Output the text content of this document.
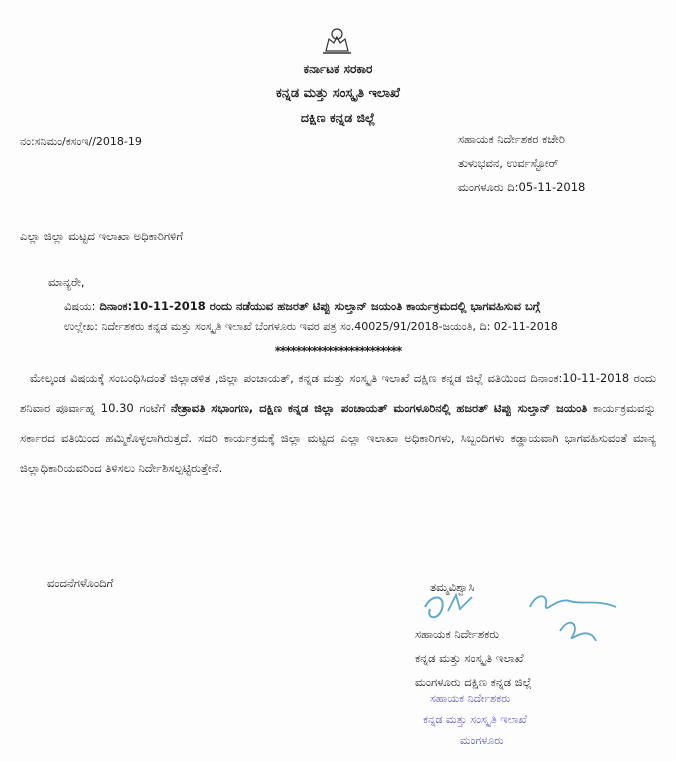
ಕರ್ನಾಟಕ ಸರಕಾರ
ಕನ್ನಡ ಮತ್ತು ಸಂಸ್ಕೃತಿ ಇಲಾಖೆ
ದಕ್ಷಿಣ ಕನ್ನಡ ಜಿಲ್ಲೆ
ನಂ:ಸನಿಮಂ/ಕಸಂಇ//2018-19	ಸಹಾಯಕ ನಿರ್ದೇಶಕರ ಕಚೇರಿ
ತುಳುಭವನ, ಉರ್ವಸ್ಟೋರ್
ಮಂಗಳೂರು ದಿ:05-11-2018
ಎಲ್ಲಾ ಜಿಲ್ಲಾ ಮಟ್ಟದ ಇಲಾಖಾ ಅಧಿಕಾರಿಗಳಿಗೆ
ಮಾನ್ಯರೇ,
ವಿಷಯ: ದಿನಾಂಕ:10-11-2018 ರಂದು ನಡೆಯುವ ಹಜರತ್ ಟಿಪ್ಪು ಸುಲ್ತಾನ್ ಜಯಂತಿ ಕಾರ್ಯಕ್ರಮದಲ್ಲಿ ಭಾಗವಹಿಸುವ ಬಗ್ಗೆ
ಉಲ್ಲೇಖ: ನಿರ್ದೇಶಕರು ಕನ್ನಡ ಮತ್ತು ಸಂಸ್ಕೃತಿ ಇಲಾಖೆ ಬೆಂಗಳೂರು ಇವರ ಪತ್ರ ಸಂ.40025/91/2018-ಜಯಂತಿ, ದಿ: 02-11-2018
************************
ಮೇಲ್ಕಂಡ ವಿಷಯಕ್ಕೆ ಸಂಬಂಧಿಸಿದಂತೆ ಜಿಲ್ಲಾಡಳಿತ ,ಜಿಲ್ಲಾ ಪಂಚಾಯತ್, ಕನ್ನಡ ಮತ್ತು ಸಂಸ್ಕೃತಿ ಇಲಾಖೆ ದಕ್ಷಿಣ ಕನ್ನಡ ಜಿಲ್ಲೆ ವತಿಯಿಂದ ದಿನಾಂಕ:10-11-2018 ರಂದು ಶನಿವಾರ ಪೂರ್ವಾಹ್ನ 10.30 ಗಂಟೆಗೆ ನೇತ್ರಾವತಿ ಸಭಾಂಗಣ, ದಕ್ಷಿಣ ಕನ್ನಡ ಜಿಲ್ಲಾ ಪಂಚಾಯತ್ ಮಂಗಳೂರಿನಲ್ಲಿ ಹಜರತ್ ಟಿಪ್ಪು ಸುಲ್ತಾನ್ ಜಯಂತಿ ಕಾರ್ಯಕ್ರಮವನ್ನು ಸರ್ಕಾರದ ವತಿಯಿಂದ ಹಮ್ಮಿಕೊಳ್ಳಲಾಗಿರುತ್ತದೆ. ಸದರಿ ಕಾರ್ಯಕ್ರಮಕ್ಕೆ ಜಿಲ್ಲಾ ಮಟ್ಟದ ಎಲ್ಲಾ ಇಲಾಖಾ ಅಧಿಕಾರಿಗಳು, ಸಿಬ್ಬಂದಿಗಳು ಕಡ್ಡಾಯವಾಗಿ ಭಾಗವಹಿಸುವಂತೆ ಮಾನ್ಯ ಜಿಲ್ಲಾಧಿಕಾರಿಯವರಿಂದ ತಿಳಿಸಲು ನಿರ್ದೇಶಿಸಲ್ಪಟ್ಟಿರುತ್ತೇನೆ.
ವಂದನೆಗಳೊಂದಿಗೆ	ತಮ್ಮವಿಶ್ವಾಸಿ
ಸಹಾಯಕ ನಿರ್ದೇಶಕರು
ಕನ್ನಡ ಮತ್ತು ಸಂಸ್ಕೃತಿ ಇಲಾಖೆ
ಮಂಗಳೂರು ದಕ್ಷಿಣ ಕನ್ನಡ ಜಿಲ್ಲೆ
ಸಹಾಯಕ ನಿರ್ದೇಶಕರು
ಕನ್ನಡ ಮತ್ತು ಸಂಸ್ಕೃತಿ ಇಲಾಖೆ
ಮಂಗಳೂರು
